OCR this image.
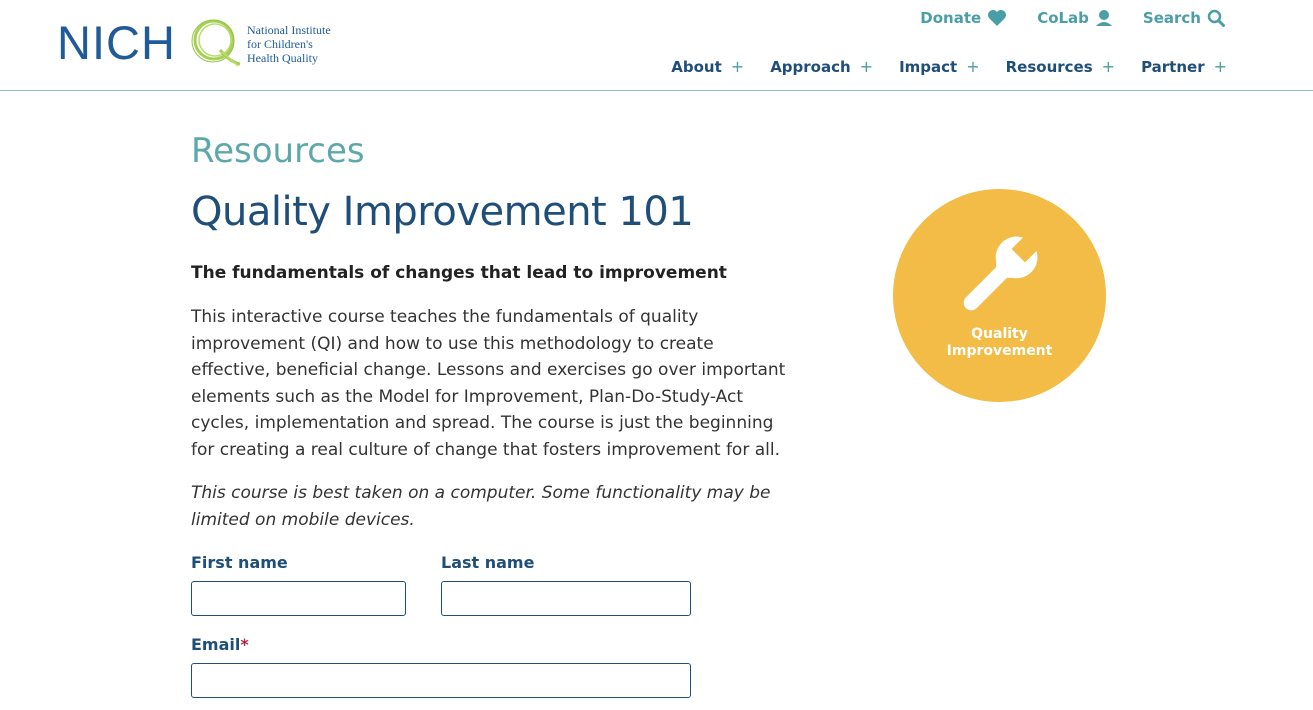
NICH	National Institute
for Children's
Health Quality
Donate	CoLab	Search
About + Approach + Impact + Resources + Partner +
Resources
Quality Improvement 101

The fundamentals of changes that lead to improvement

This interactive course teaches the fundamentals of quality improvement (QI) and how to use this methodology to create effective, beneficial change. Lessons and exercises go over important elements such as the Model for Improvement, Plan-Do-Study-Act cycles, implementation and spread. The course is just the beginning for creating a real culture of change that fosters improvement for all.

This course is best taken on a computer. Some functionality may be limited on mobile devices.

First name	Last name
Email*
Quality
Improvement
